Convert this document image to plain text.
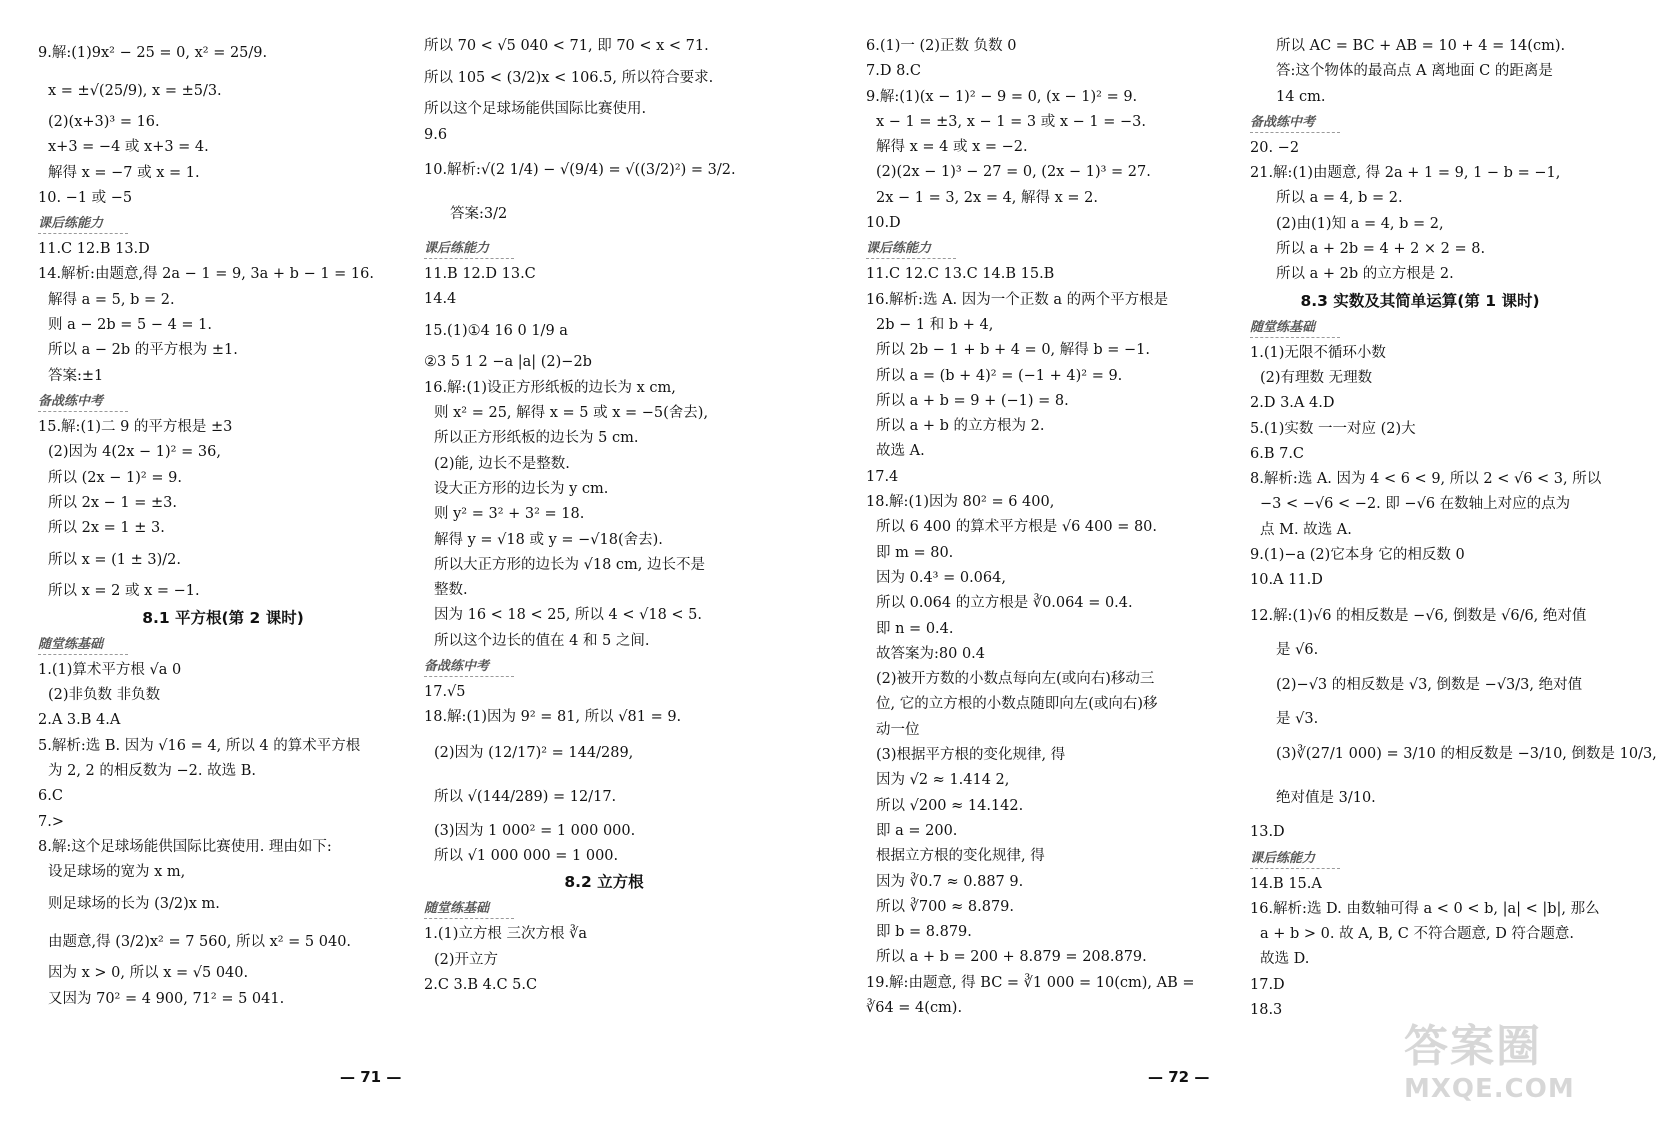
9.解:(1)9x² − 25 = 0, x² = 25/9.
x = ±√(25/9), x = ±5/3.
(2)(x+3)³ = 16.
x+3 = −4 或 x+3 = 4.
解得 x = −7 或 x = 1.
10. −1 或 −5
课后练能力
11.C 12.B 13.D
14.解析:由题意,得 2a − 1 = 9, 3a + b − 1 = 16.
解得 a = 5, b = 2.
则 a − 2b = 5 − 4 = 1.
所以 a − 2b 的平方根为 ±1.
答案:±1
备战练中考
15.解:(1)二 9 的平方根是 ±3
(2)因为 4(2x − 1)² = 36,
所以 (2x − 1)² = 9.
所以 2x − 1 = ±3.
所以 2x = 1 ± 3.
所以 x = (1 ± 3)/2.
所以 x = 2 或 x = −1.
8.1 平方根(第 2 课时)
随堂练基础
1.(1)算术平方根 √a 0
(2)非负数 非负数
2.A 3.B 4.A
5.解析:选 B. 因为 √16 = 4, 所以 4 的算术平方根
为 2, 2 的相反数为 −2. 故选 B.
6.C
7.>
8.解:这个足球场能供国际比赛使用. 理由如下:
设足球场的宽为 x m,
则足球场的长为 (3/2)x m.
由题意,得 (3/2)x² = 7 560, 所以 x² = 5 040.
因为 x > 0, 所以 x = √5 040.
又因为 70² = 4 900, 71² = 5 041.
所以 70 < √5 040 < 71, 即 70 < x < 71.
所以 105 < (3/2)x < 106.5, 所以符合要求.
所以这个足球场能供国际比赛使用.
9.6
10.解析:√(2 1/4) − √(9/4) = √((3/2)²) = 3/2.
答案:3/2
课后练能力
11.B 12.D 13.C
14.4
15.(1)①4 16 0 1/9 a
②3 5 1 2 −a |a| (2)−2b
16.解:(1)设正方形纸板的边长为 x cm,
则 x² = 25, 解得 x = 5 或 x = −5(舍去),
所以正方形纸板的边长为 5 cm.
(2)能, 边长不是整数.
设大正方形的边长为 y cm.
则 y² = 3² + 3² = 18.
解得 y = √18 或 y = −√18(舍去).
所以大正方形的边长为 √18 cm, 边长不是
整数.
因为 16 < 18 < 25, 所以 4 < √18 < 5.
所以这个边长的值在 4 和 5 之间.
备战练中考
17.√5
18.解:(1)因为 9² = 81, 所以 √81 = 9.
(2)因为 (12/17)² = 144/289,
所以 √(144/289) = 12/17.
(3)因为 1 000² = 1 000 000.
所以 √1 000 000 = 1 000.
8.2 立方根
随堂练基础
1.(1)立方根 三次方根 ∛a
(2)开立方
2.C 3.B 4.C 5.C
6.(1)一 (2)正数 负数 0
7.D 8.C
9.解:(1)(x − 1)² − 9 = 0, (x − 1)² = 9.
x − 1 = ±3, x − 1 = 3 或 x − 1 = −3.
解得 x = 4 或 x = −2.
(2)(2x − 1)³ − 27 = 0, (2x − 1)³ = 27.
2x − 1 = 3, 2x = 4, 解得 x = 2.
10.D
课后练能力
11.C 12.C 13.C 14.B 15.B
16.解析:选 A. 因为一个正数 a 的两个平方根是
2b − 1 和 b + 4,
所以 2b − 1 + b + 4 = 0, 解得 b = −1.
所以 a = (b + 4)² = (−1 + 4)² = 9.
所以 a + b = 9 + (−1) = 8.
所以 a + b 的立方根为 2.
故选 A.
17.4
18.解:(1)因为 80² = 6 400,
所以 6 400 的算术平方根是 √6 400 = 80.
即 m = 80.
因为 0.4³ = 0.064,
所以 0.064 的立方根是 ∛0.064 = 0.4.
即 n = 0.4.
故答案为:80 0.4
(2)被开方数的小数点每向左(或向右)移动三
位, 它的立方根的小数点随即向左(或向右)移
动一位
(3)根据平方根的变化规律, 得
因为 √2 ≈ 1.414 2,
所以 √200 ≈ 14.142.
即 a = 200.
根据立方根的变化规律, 得
因为 ∛0.7 ≈ 0.887 9.
所以 ∛700 ≈ 8.879.
即 b = 8.879.
所以 a + b = 200 + 8.879 = 208.879.
19.解:由题意, 得 BC = ∛1 000 = 10(cm), AB =
∛64 = 4(cm).
所以 AC = BC + AB = 10 + 4 = 14(cm).
答:这个物体的最高点 A 离地面 C 的距离是
14 cm.
备战练中考
20. −2
21.解:(1)由题意, 得 2a + 1 = 9, 1 − b = −1,
所以 a = 4, b = 2.
(2)由(1)知 a = 4, b = 2,
所以 a + 2b = 4 + 2 × 2 = 8.
所以 a + 2b 的立方根是 2.
8.3 实数及其简单运算(第 1 课时)
随堂练基础
1.(1)无限不循环小数
(2)有理数 无理数
2.D 3.A 4.D
5.(1)实数 一一对应 (2)大
6.B 7.C
8.解析:选 A. 因为 4 < 6 < 9, 所以 2 < √6 < 3, 所以
−3 < −√6 < −2. 即 −√6 在数轴上对应的点为
点 M. 故选 A.
9.(1)−a (2)它本身 它的相反数 0
10.A 11.D
12.解:(1)√6 的相反数是 −√6, 倒数是 √6/6, 绝对值
是 √6.
(2)−√3 的相反数是 √3, 倒数是 −√3/3, 绝对值
是 √3.
(3)∛(27/1 000) = 3/10 的相反数是 −3/10, 倒数是 10/3,
绝对值是 3/10.
13.D
课后练能力
14.B 15.A
16.解析:选 D. 由数轴可得 a < 0 < b, |a| < |b|, 那么
a + b > 0. 故 A, B, C 不符合题意, D 符合题意.
故选 D.
17.D
18.3
— 71 —	— 72 —
答案圈
MXQE.COM
